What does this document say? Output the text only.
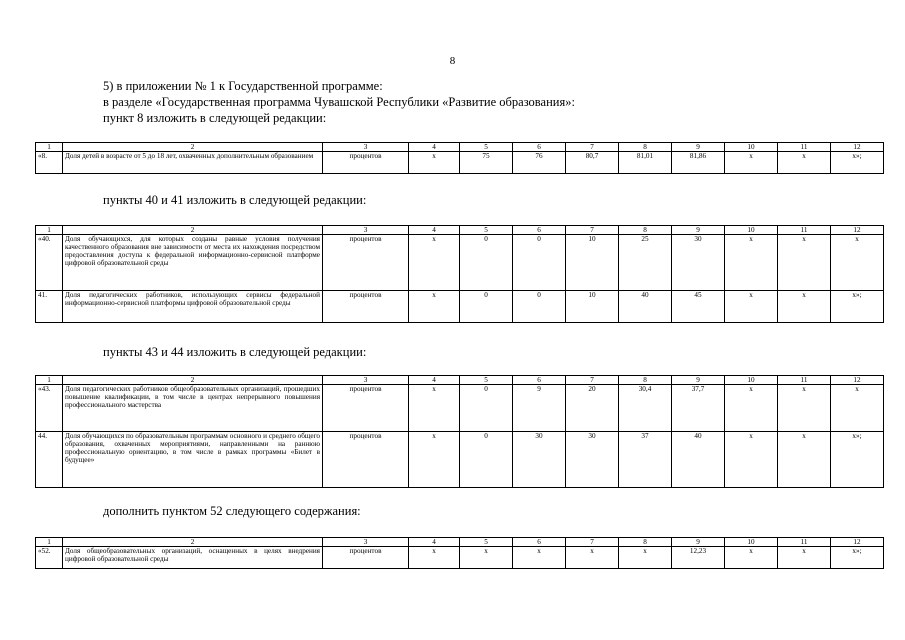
8
5) в приложении № 1 к Государственной программе:
в разделе «Государственная программа Чувашской Республики «Развитие образования»:
пункт 8 изложить в следующей редакции:
1	2	3	4	5	6	7	8	9	10	11	12
«8.	Доля детей в возрасте от 5 до 18 лет, охваченных дополнительным образованием	процентов	х	75	76	80,7	81,01	81,86	х	х	х»;
пункты 40 и 41 изложить в следующей редакции:
1	2	3	4	5	6	7	8	9	10	11	12
«40.	Доля обучающихся, для которых созданы равные условия получения качественного образования вне зависимости от места их нахождения посредством предоставления доступа к федеральной информационно-сервисной платформе цифровой образовательной среды	процентов	х	0	0	10	25	30	х	х	х
41.	Доля педагогических работников, использующих сервисы федеральной информационно-сервисной платформы цифровой образовательной среды	процентов	х	0	0	10	40	45	х	х	х»;
пункты 43 и 44 изложить в следующей редакции:
1	2	3	4	5	6	7	8	9	10	11	12
«43.	Доля педагогических работников общеобразовательных организаций, прошедших повышение квалификации, в том числе в центрах непрерывного повышения профессионального мастерства	процентов	х	0	9	20	30,4	37,7	х	х	х
44.	Доля обучающихся по образовательным программам основного и среднего общего образования, охваченных мероприятиями, направленными на раннюю профессиональную ориентацию, в том числе в рамках программы «Билет в будущее»	процентов	х	0	30	30	37	40	х	х	х»;
дополнить пунктом 52 следующего содержания:
1	2	3	4	5	6	7	8	9	10	11	12
«52.	Доля общеобразовательных организаций, оснащенных в целях внедрения цифровой образовательной среды	процентов	х	х	х	х	х	12,23	х	х	х»;
